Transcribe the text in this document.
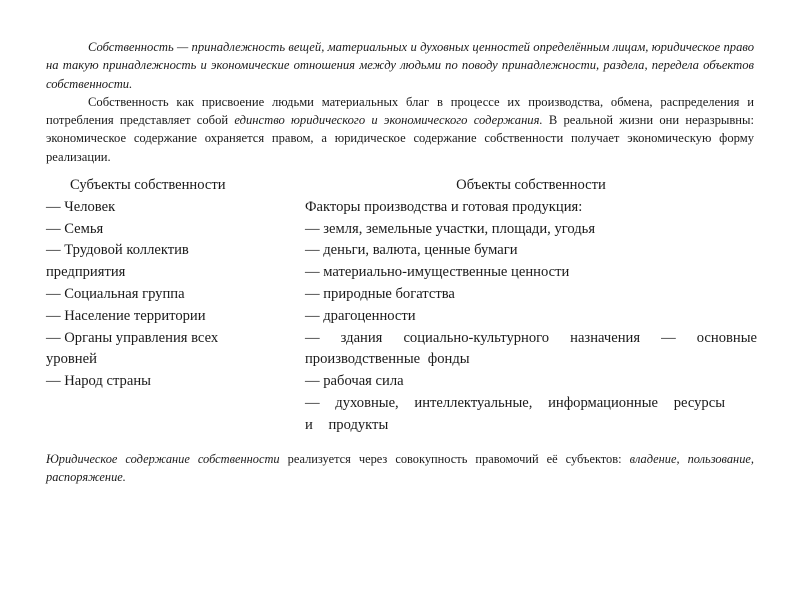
Собственность — принадлежность вещей, материальных и духовных ценностей определённым лицам, юридическое право на такую принадлежность и экономические отношения между людьми по поводу принадлежности, раздела, передела объектов собственности.

Собственность как присвоение людьми материальных благ в процессе их производства, обмена, распределения и потребления представляет собой единство юридического и экономического содержания. В реальной жизни они неразрывны: экономическое содержание охраняется правом, а юридическое содержание собственности получает экономическую форму реализации.

Субъекты собственности
— Человек
— Семья
— Трудовой коллектив предприятия
— Социальная группа
— Население территории
— Органы управления всех уровней
— Народ страны
Объекты собственности
Факторы производства и готовая продукция:
— земля, земельные участки, площади, угодья
— деньги, валюта, ценные бумаги
— материально-имущественные ценности
— природные богатства
— драгоценности
— здания социально-культурного назначения — основные производственные фонды
— рабочая сила
— духовные, интеллектуальные, информационные ресурсы и продукты

Юридическое содержание собственности реализуется через совокупность правомочий её субъектов: владение, пользование, распоряжение.
